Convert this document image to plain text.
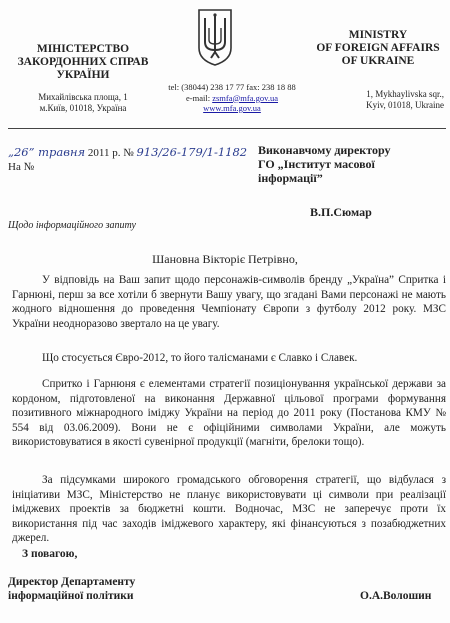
МІНІСТЕРСТВО
ЗАКОРДОННИХ СПРАВ
УКРАЇНИ
Михайлівська площа, 1
м.Київ, 01018, Україна
tel: (38044) 238 17 77 fax: 238 18 88
e-mail: zsmfa@mfa.gov.ua
www.mfa.gov.ua
MINISTRY
OF FOREIGN AFFAIRS
OF UKRAINE
1, Mykhaylivska sqr.,
Kyiv, 01018, Ukraine
„26” травня 2011 р. № 913/26-179/1-1182
На №
Виконавчому директору
ГО „Інститут масової
інформації”
В.П.Сюмар
Щодо інформаційного запиту
Шановна Вікторіє Петрівно,

У відповідь на Ваш запит щодо персонажів-символів бренду „Україна” Спритка і Гарнюні, перш за все хотіли б звернути Вашу увагу, що згадані Вами персонажі не мають жодного відношення до проведення Чемпіонату Європи з футболу 2012 року. МЗС України неодноразово звертало на це увагу.

Що стосується Євро-2012, то його талісманами є Славко і Славек.

Спритко і Гарнюня є елементами стратегії позиціонування української держави за кордоном, підготовленої на виконання Державної цільової програми формування позитивного міжнародного іміджу України на період до 2011 року (Постанова КМУ № 554 від 03.06.2009). Вони не є офіційними символами України, але можуть використовуватися в якості сувенірної продукції (магніти, брелоки тощо).

За підсумками широкого громадського обговорення стратегії, що відбулася з ініціативи МЗС, Міністерство не планує використовувати ці символи при реалізації іміджевих проектів за бюджетні кошти. Водночас, МЗС не заперечує проти їх використання під час заходів іміджевого характеру, які фінансуються з позабюджетних джерел.

З повагою,
Директор Департаменту
інформаційної політики	О.А.Волошин
